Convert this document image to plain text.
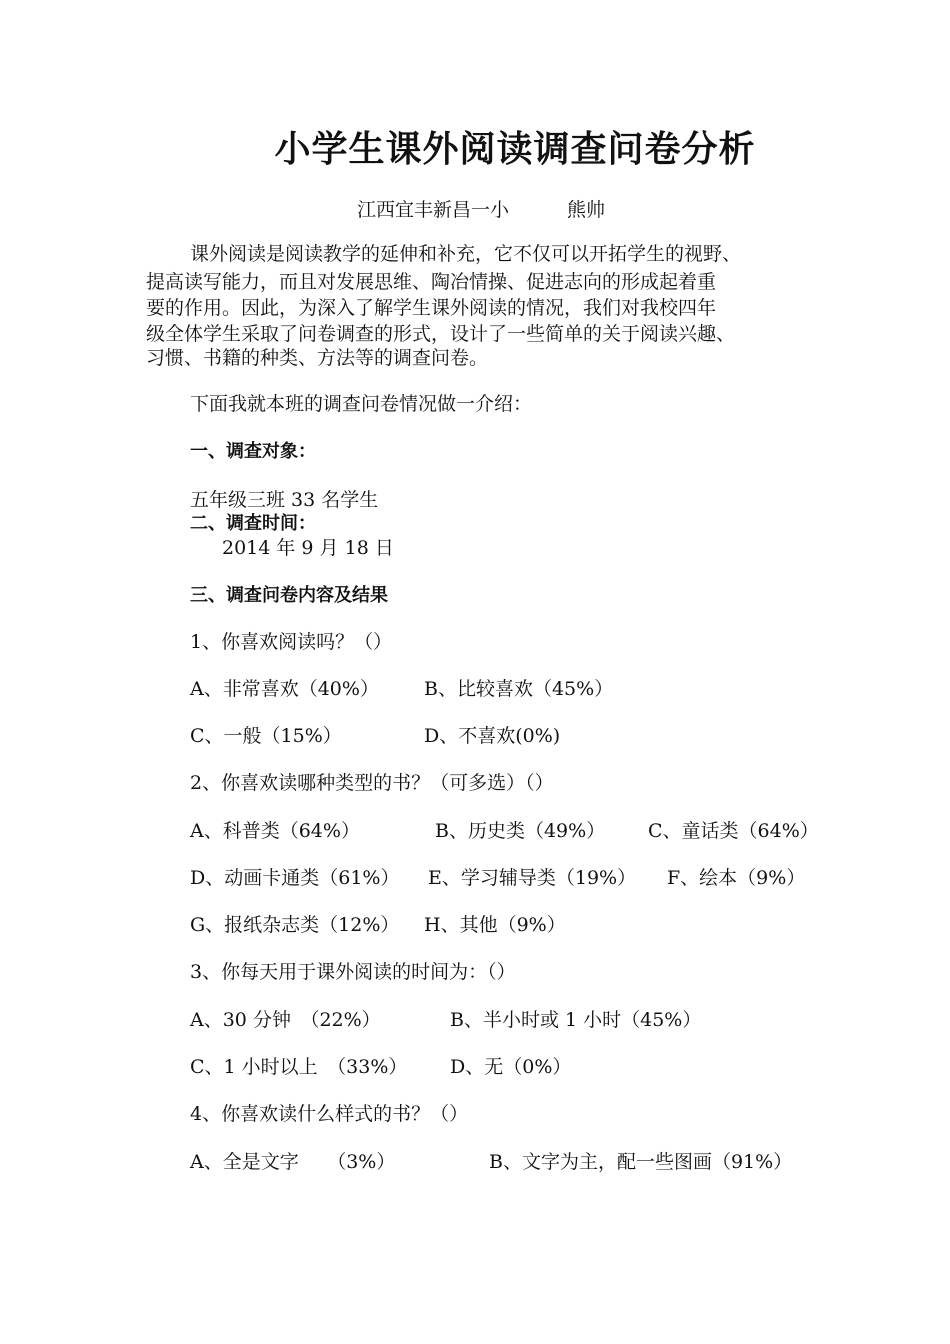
小学生课外阅读调查问卷分析
江西宜丰新昌一小	熊帅
课外阅读是阅读教学的延伸和补充，它不仅可以开拓学生的视野、
提高读写能力，而且对发展思维、陶冶情操、促进志向的形成起着重
要的作用。因此，为深入了解学生课外阅读的情况，我们对我校四年
级全体学生采取了问卷调查的形式，设计了一些简单的关于阅读兴趣、
习惯、书籍的种类、方法等的调查问卷。
下面我就本班的调查问卷情况做一介绍：
一、调查对象：
五年级三班 33 名学生
二、调查时间：
2014 年 9 月 18 日
三、调查问卷内容及结果
1、你喜欢阅读吗？（）
A、非常喜欢（40%） B、比较喜欢（45%）
C、一般（15%）	D、不喜欢(0%)
2、你喜欢读哪种类型的书？（可多选）（）
A、科普类（64%）	B、历史类（49%） C、童话类（64%）
D、动画卡通类（61%） E、学习辅导类（19%） F、绘本（9%）
G、报纸杂志类（12%） H、其他（9%）
3、你每天用于课外阅读的时间为：（）
A、30 分钟　（22%）	B、半小时或 1 小时（45%）
C、1 小时以上　（33%） D、无（0%）
4、你喜欢读什么样式的书？（）
A、全是文字　　（3%）	B、文字为主，配一些图画（91%）
